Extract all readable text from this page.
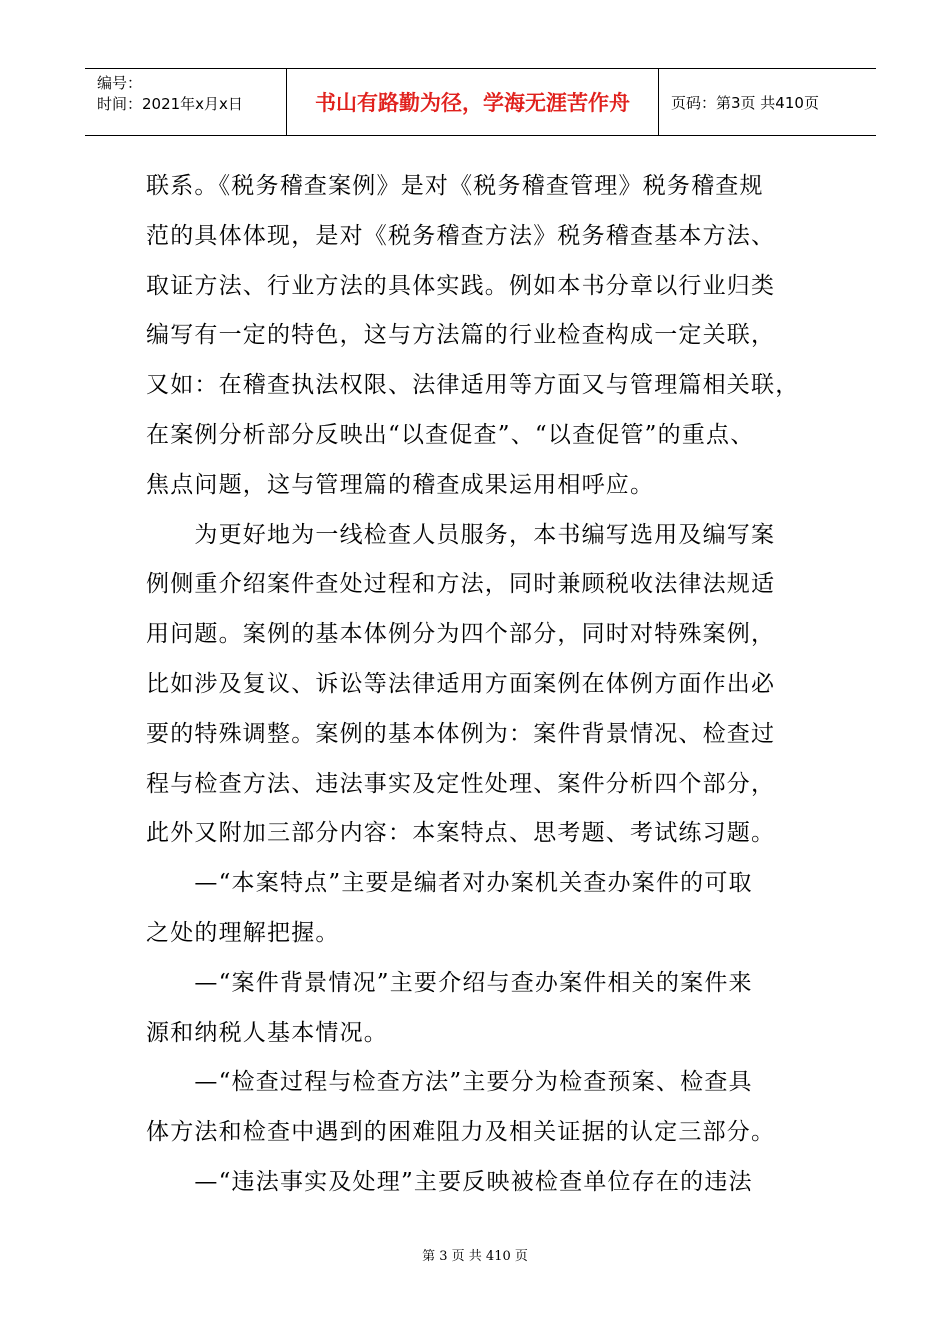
编号：
时间：2021年x月x日	书山有路勤为径，学海无涯苦作舟	页码：第3页 共410页
联系。《税务稽查案例》是对《税务稽查管理》税务稽查规
范的具体体现，是对《税务稽查方法》税务稽查基本方法、
取证方法、行业方法的具体实践。例如本书分章以行业归类
编写有一定的特色，这与方法篇的行业检查构成一定关联，
又如：在稽查执法权限、法律适用等方面又与管理篇相关联，
在案例分析部分反映出“以查促查”、“以查促管”的重点、
焦点问题，这与管理篇的稽查成果运用相呼应。
　　为更好地为一线检查人员服务，本书编写选用及编写案
例侧重介绍案件查处过程和方法，同时兼顾税收法律法规适
用问题。案例的基本体例分为四个部分，同时对特殊案例，
比如涉及复议、诉讼等法律适用方面案例在体例方面作出必
要的特殊调整。案例的基本体例为：案件背景情况、检查过
程与检查方法、违法事实及定性处理、案件分析四个部分，
此外又附加三部分内容：本案特点、思考题、考试练习题。
　　—“本案特点”主要是编者对办案机关查办案件的可取
之处的理解把握。
　　—“案件背景情况”主要介绍与查办案件相关的案件来
源和纳税人基本情况。
　　—“检查过程与检查方法”主要分为检查预案、检查具
体方法和检查中遇到的困难阻力及相关证据的认定三部分。
　　—“违法事实及处理”主要反映被检查单位存在的违法
第 3 页 共 410 页
